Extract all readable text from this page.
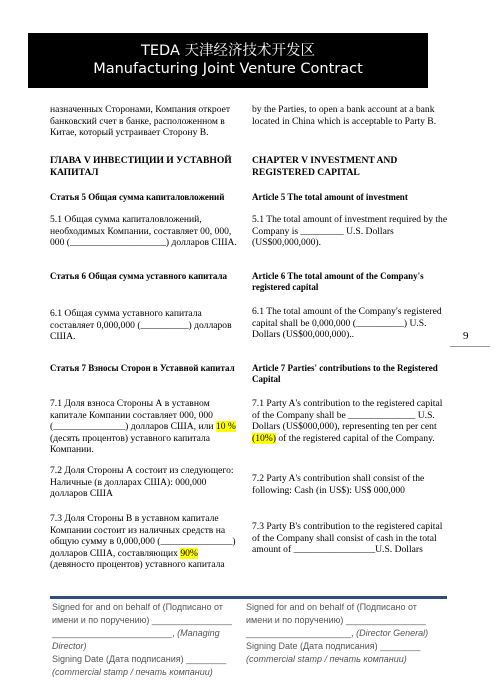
TEDA 天津经济技术开发区
Manufacturing Joint Venture Contract
назначенных Сторонами, Компания откроет банковский счет в банке, расположенном в Китае, который устраивает Сторону В.
ГЛАВА V ИНВЕСТИЦИИ И УСТАВНОЙ КАПИТАЛ
Статья 5 Общая сумма капиталовложений
5.1 Общая сумма капиталовложений, необходимых Компании, составляет 00, 000, 000 (____________________) долларов США.
Статья 6 Общая сумма уставного капитала
6.1 Общая сумма уставного капитала составляет 0,000,000 (__________) долларов США.
Статья 7 Взносы Сторон в Уставной капитал
7.1 Доля взноса Стороны А в уставном капитале Компании составляет 000, 000 (_______________) долларов США, или 10 % (десять процентов) уставного капитала Компании.
7.2 Доля Стороны А состоит из следующего: Наличные (в долларах США): 000,000 долларов США
7.3 Доля Стороны В в уставном капитале Компании состоит из наличных средств на общую сумму в 0,000,000 (_______________) долларов США, составляющих 90% (девяносто процентов) уставного капитала
by the Parties, to open a bank account at a bank located in China which is acceptable to Party B.
CHAPTER V INVESTMENT AND REGISTERED CAPITAL
Article 5 The total amount of investment
5.1 The total amount of investment required by the Company is _________ U.S. Dollars (US$00,000,000).
Article 6 The total amount of the Company's registered capital
6.1 The total amount of the Company's registered capital shall be 0,000,000 (__________) U.S. Dollars (US$00,000,000)..
Article 7 Parties' contributions to the Registered Capital
7.1 Party A's contribution to the registered capital of the Company shall be ______________ U.S. Dollars (US$000,000), representing ten per cent (10%) of the registered capital of the Company.
7.2 Party A's contribution shall consist of the following: Cash (in US$): US$ 000,000
7.3 Party B's contribution to the registered capital of the Company shall consist of cash in the total amount of _________________U.S. Dollars
9
Signed for and on behalf of (Подписано от
имени и по поручению) ________________
________________________, (Managing Director)
Signing Date (Дата подписания) ________
(commercial stamp / печать компании)
Signed for and on behalf of (Подписано от
имени и по поручению) ________________
_____________________, (Director General)
Signing Date (Дата подписания) ________
(commercial stamp / печать компании)
